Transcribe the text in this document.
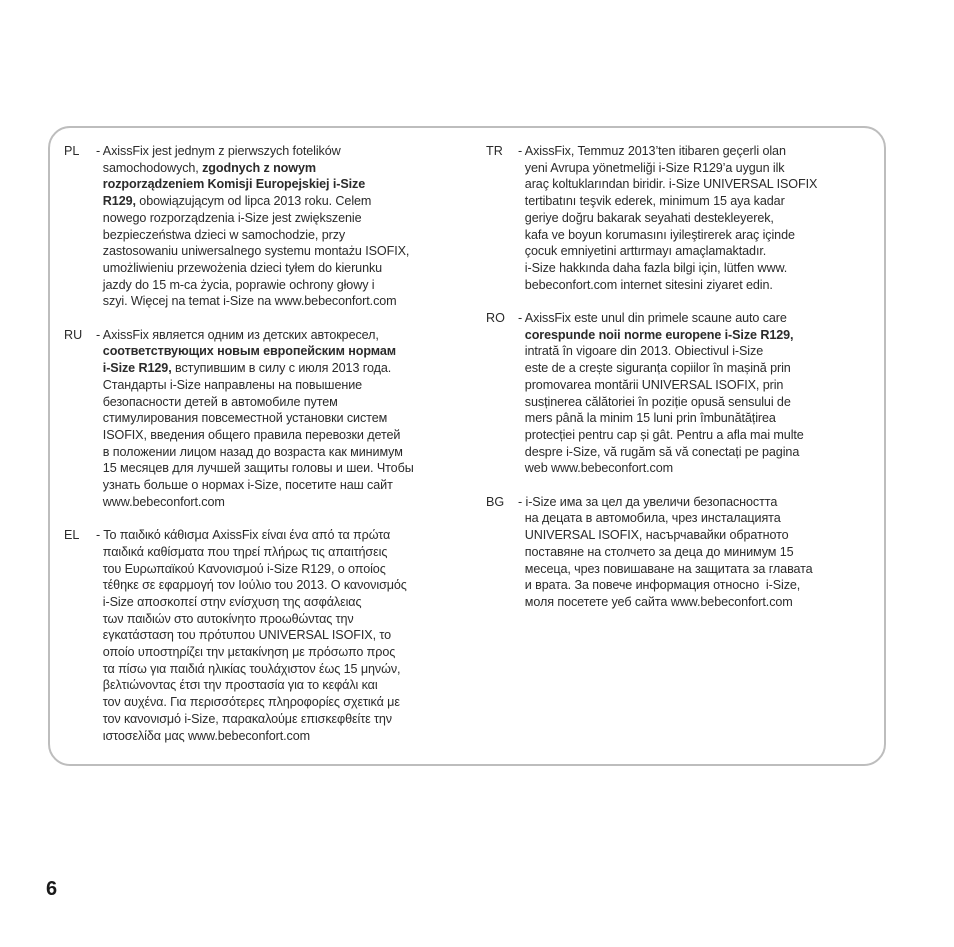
PL	- AxissFix jest jednym z pierwszych fotelików
samochodowych, zgodnych z nowym
rozporządzeniem Komisji Europejskiej i-Size
R129, obowiązującym od lipca 2013 roku. Celem
nowego rozporządzenia i-Size jest zwiększenie
bezpieczeństwa dzieci w samochodzie, przy
zastosowaniu uniwersalnego systemu montażu ISOFIX,
umożliwieniu przewożenia dzieci tyłem do kierunku
jazdy do 15 m-ca życia, poprawie ochrony głowy i
szyi. Więcej na temat i-Size na www.bebeconfort.com
RU	- AxissFix является одним из детских автокресел,
соответствующих новым европейским нормам
i-Size R129, вступившим в силу с июля 2013 года.
Стандарты i-Size направлены на повышение
безопасности детей в автомобиле путем
стимулирования повсеместной установки систем
ISOFIX, введения общего правила перевозки детей
в положении лицом назад до возраста как минимум
15 месяцев для лучшей защиты головы и шеи. Чтобы
узнать больше о нормах i-Size, посетите наш сайт
www.bebeconfort.com
EL	- Το παιδικό κάθισμα AxissFix είναι ένα από τα πρώτα
παιδικά καθίσματα που τηρεί πλήρως τις απαιτήσεις
του Ευρωπαϊκού Κανονισμού i-Size R129, ο οποίος
τέθηκε σε εφαρμογή τον Ιούλιο του 2013. Ο κανονισμός
i-Size αποσκοπεί στην ενίσχυση της ασφάλειας
των παιδιών στο αυτοκίνητο προωθώντας την
εγκατάσταση του πρότυπου UNIVERSAL ISOFIX, το
οποίο υποστηρίζει την μετακίνηση με πρόσωπο προς
τα πίσω για παιδιά ηλικίας τουλάχιστον έως 15 μηνών,
βελτιώνοντας έτσι την προστασία για το κεφάλι και
τον αυχένα. Για περισσότερες πληροφορίες σχετικά με
τον κανονισμό i-Size, παρακαλούμε επισκεφθείτε την
ιστοσελίδα μας www.bebeconfort.com
TR	- AxissFix, Temmuz 2013’ten itibaren geçerli olan
yeni Avrupa yönetmeliği i-Size R129’a uygun ilk
araç koltuklarından biridir. i-Size UNIVERSAL ISOFIX
tertibatını teşvik ederek, minimum 15 aya kadar
geriye doğru bakarak seyahati destekleyerek,
kafa ve boyun korumasını iyileştirerek araç içinde
çocuk emniyetini arttırmayı amaçlamaktadır.
i-Size hakkında daha fazla bilgi için, lütfen www.
bebeconfort.com internet sitesini ziyaret edin.
RO	- AxissFix este unul din primele scaune auto care
corespunde noii norme europene i-Size R129,
intrată în vigoare din 2013. Obiectivul i-Size
este de a crește siguranța copiilor în mașină prin
promovarea montării UNIVERSAL ISOFIX, prin
susținerea călătoriei în poziție opusă sensului de
mers până la minim 15 luni prin îmbunătățirea
protecției pentru cap și gât. Pentru a afla mai multe
despre i-Size, vă rugăm să vă conectați pe pagina
web www.bebeconfort.com
BG	- i-Size има за цел да увеличи безопасността
на децата в автомобила, чрез инсталацията
UNIVERSAL ISOFIX, насърчавайки обратното
поставяне на столчето за деца до минимум 15
месеца, чрез повишаване на защитата за главата
и врата. За повече информация относно  i-Size,
моля посетете уеб сайта www.bebeconfort.com
6
